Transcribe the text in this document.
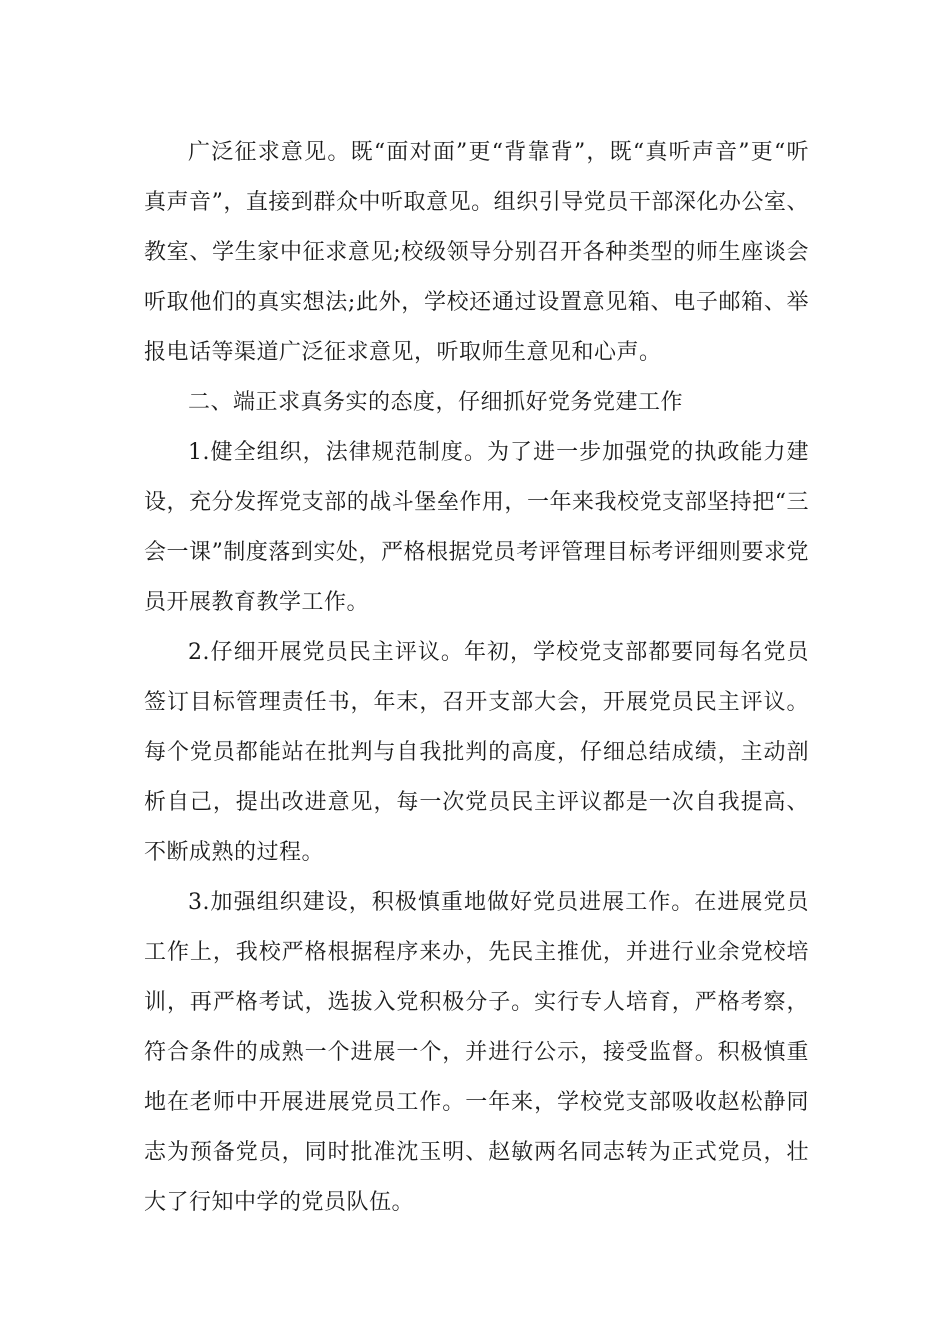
广泛征求意见。既“面对面”更“背靠背”，既“真听声音”更“听真声音”，直接到群众中听取意见。组织引导党员干部深化办公室、教室、学生家中征求意见;校级领导分别召开各种类型的师生座谈会听取他们的真实想法;此外，学校还通过设置意见箱、电子邮箱、举报电话等渠道广泛征求意见，听取师生意见和心声。

二、端正求真务实的态度，仔细抓好党务党建工作

1.健全组织，法律规范制度。为了进一步加强党的执政能力建设，充分发挥党支部的战斗堡垒作用，一年来我校党支部坚持把“三会一课”制度落到实处，严格根据党员考评管理目标考评细则要求党员开展教育教学工作。

2.仔细开展党员民主评议。年初，学校党支部都要同每名党员签订目标管理责任书，年末，召开支部大会，开展党员民主评议。每个党员都能站在批判与自我批判的高度，仔细总结成绩，主动剖析自己，提出改进意见，每一次党员民主评议都是一次自我提高、不断成熟的过程。

3.加强组织建设，积极慎重地做好党员进展工作。在进展党员工作上，我校严格根据程序来办，先民主推优，并进行业余党校培训，再严格考试，选拔入党积极分子。实行专人培育，严格考察，符合条件的成熟一个进展一个，并进行公示，接受监督。积极慎重地在老师中开展进展党员工作。一年来，学校党支部吸收赵松静同志为预备党员，同时批准沈玉明、赵敏两名同志转为正式党员，壮大了行知中学的党员队伍。
